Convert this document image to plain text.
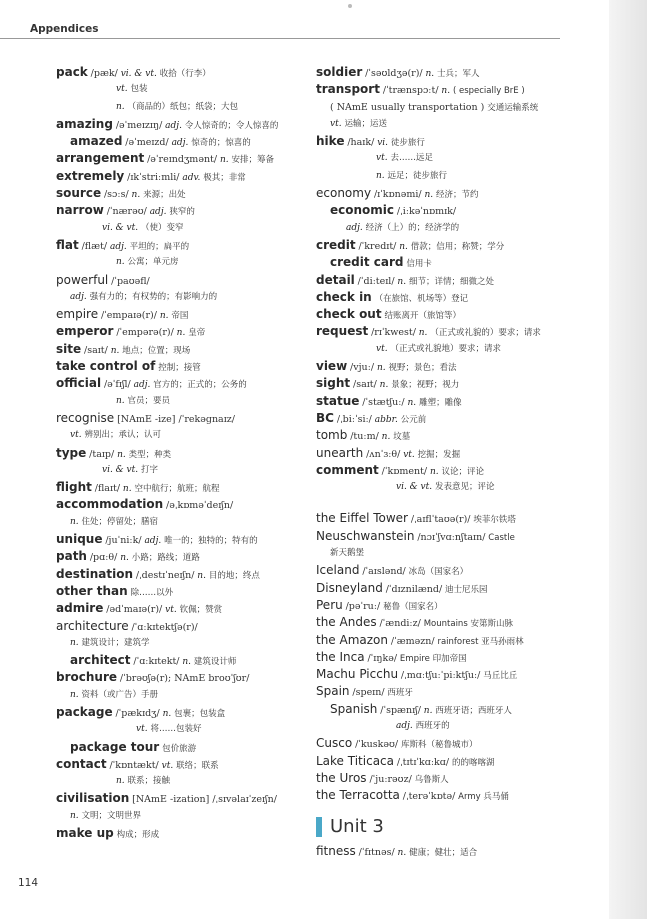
Appendices
pack /pæk/ vi. & vt. 收拾（行李）
vt. 包装
n. （商品的）纸包；纸袋；大包
amazing /əˈmeɪzɪŋ/ adj. 令人惊奇的；令人惊喜的
amazed /əˈmeɪzd/ adj. 惊奇的；惊喜的
arrangement /əˈreɪndʒmənt/ n. 安排；筹备
extremely /ɪkˈstriːmli/ adv. 极其；非常
source /sɔːs/ n. 来源；出处
narrow /ˈnærəʊ/ adj. 狭窄的
vi. & vt. （使）变窄
flat /flæt/ adj. 平坦的；扁平的
n. 公寓；单元房
powerful /ˈpaʊəfl/
adj. 强有力的；有权势的；有影响力的
empire /ˈempaɪə(r)/ n. 帝国
emperor /ˈempərə(r)/ n. 皇帝
site /saɪt/ n. 地点；位置；现场
take control of 控制；接管
official /əˈfɪʃl/ adj. 官方的；正式的；公务的
n. 官员；要员
recognise [NAmE -ize] /ˈrekəgnaɪz/
vt. 辨别出；承认；认可
type /taɪp/ n. 类型；种类
vi. & vt. 打字
flight /flaɪt/ n. 空中航行；航班；航程
accommodation /əˌkɒməˈdeɪʃn/
n. 住处；停留处；膳宿
unique /juˈniːk/ adj. 唯一的；独特的；特有的
path /pɑːθ/ n. 小路；路线；道路
destination /ˌdestɪˈneɪʃn/ n. 目的地；终点
other than 除……以外
admire /ədˈmaɪə(r)/ vt. 钦佩；赞赏
architecture /ˈɑːkɪtektʃə(r)/
n. 建筑设计；建筑学
architect /ˈɑːkɪtekt/ n. 建筑设计师
brochure /ˈbrəʊʃə(r); NAmE broʊˈʃʊr/
n. 资料（或广告）手册
package /ˈpækɪdʒ/ n. 包裹；包装盒
vt. 将……包装好
package tour 包价旅游
contact /ˈkɒntækt/ vt. 联络；联系
n. 联系；接触
civilisation [NAmE -ization] /ˌsɪvəlaɪˈzeɪʃn/
n. 文明；文明世界
make up 构成；形成
soldier /ˈsəʊldʒə(r)/ n. 士兵；军人
transport /ˈtrænspɔːt/ n. ( especially BrE )
( NAmE usually transportation ) 交通运输系统
vt. 运输；运送
hike /haɪk/ vi. 徒步旅行
vt. 去……远足
n. 远足；徒步旅行
economy /ɪˈkɒnəmi/ n. 经济；节约
economic /ˌiːkəˈnɒmɪk/
adj. 经济（上）的；经济学的
credit /ˈkredɪt/ n. 借款；信用；称赞；学分
credit card 信用卡
detail /ˈdiːteɪl/ n. 细节；详情；细微之处
check in （在旅馆、机场等）登记
check out 结账离开（旅馆等）
request /rɪˈkwest/ n. （正式或礼貌的）要求；请求
vt. （正式或礼貌地）要求；请求
view /vjuː/ n. 视野；景色；看法
sight /saɪt/ n. 景象；视野；视力
statue /ˈstætʃuː/ n. 雕塑；雕像
BC /ˌbiːˈsiː/ abbr. 公元前
tomb /tuːm/ n. 坟墓
unearth /ʌnˈɜːθ/ vt. 挖掘；发掘
comment /ˈkɒment/ n. 议论；评论
vi. & vt. 发表意见；评论
the Eiffel Tower /ˌaɪflˈtaʊə(r)/ 埃菲尔铁塔
Neuschwanstein /nɔɪˈʃvɑːnʃtaɪn/ Castle
新天鹅堡
Iceland /ˈaɪslənd/ 冰岛（国家名）
Disneyland /ˈdɪznilænd/ 迪士尼乐园
Peru /pəˈruː/ 秘鲁（国家名）
the Andes /ˈændiːz/ Mountains 安第斯山脉
the Amazon /ˈæməzn/ rainforest 亚马孙雨林
the Inca /ˈɪŋkə/ Empire 印加帝国
Machu Picchu /ˌmɑːtʃuːˈpiːktʃuː/ 马丘比丘
Spain /speɪn/ 西班牙
Spanish /ˈspænɪʃ/ n. 西班牙语；西班牙人
adj. 西班牙的
Cusco /ˈkuskəʊ/ 库斯科（秘鲁城市）
Lake Titicaca /ˌtɪtɪˈkɑːkɑ/ 的的喀喀湖
the Uros /ˈjuːrəʊz/ 乌鲁斯人
the Terracotta /ˌterəˈkɒtə/ Army 兵马俑
Unit 3
fitness /ˈfɪtnəs/ n. 健康；健壮；适合
114
